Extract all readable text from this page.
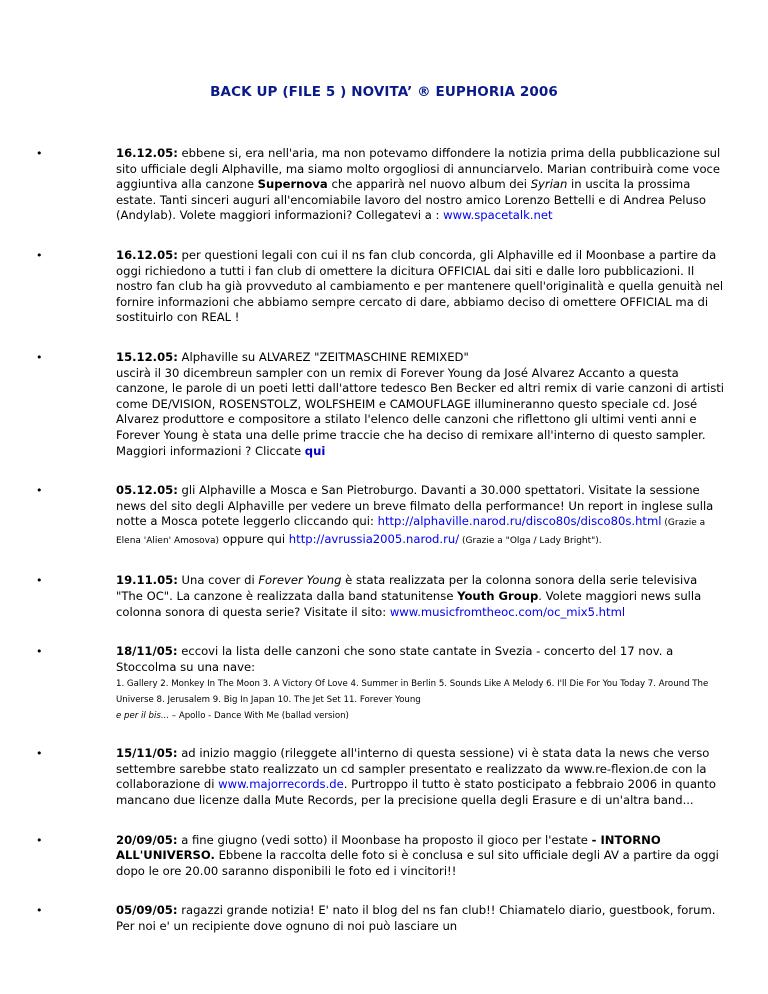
BACK UP (FILE 5 ) NOVITA’ ® EUPHORIA 2006
•	16.12.05: ebbene si, era nell'aria, ma non potevamo diffondere la notizia prima della pubblicazione sul sito ufficiale degli Alphaville, ma siamo molto orgogliosi di annunciarvelo. Marian contribuirà come voce aggiuntiva alla canzone Supernova che apparirà nel nuovo album dei Syrian in uscita la prossima estate. Tanti sinceri auguri all'encomiabile lavoro del nostro amico Lorenzo Bettelli e di Andrea Peluso (Andylab). Volete maggiori informazioni? Collegatevi a : www.spacetalk.net
•	16.12.05: per questioni legali con cui il ns fan club concorda, gli Alphaville ed il Moonbase a partire da oggi richiedono a tutti i fan club di omettere la dicitura OFFICIAL dai siti e dalle loro pubblicazioni. Il nostro fan club ha già provveduto al cambiamento e per mantenere quell'originalità e quella genuità nel fornire informazioni che abbiamo sempre cercato di dare, abbiamo deciso di omettere OFFICIAL ma di sostituirlo con REAL !
•	15.12.05: Alphaville su ALVAREZ "ZEITMASCHINE REMIXED"
uscirà il 30 dicembreun sampler con un remix di Forever Young da José Alvarez Accanto a questa canzone, le parole di un poeti letti dall'attore tedesco Ben Becker ed altri remix di varie canzoni di artisti come DE/VISION, ROSENSTOLZ, WOLFSHEIM e CAMOUFLAGE illumineranno questo speciale cd. José Alvarez produttore e compositore a stilato l'elenco delle canzoni che riflettono gli ultimi venti anni e Forever Young è stata una delle prime traccie che ha deciso di remixare all'interno di questo sampler. Maggiori informazioni ? Cliccate qui
•	05.12.05: gli Alphaville a Mosca e San Pietroburgo. Davanti a 30.000 spettatori. Visitate la sessione news del sito degli Alphaville per vedere un breve filmato della performance! Un report in inglese sulla notte a Mosca potete leggerlo cliccando qui: http://alphaville.narod.ru/disco80s/disco80s.html (Grazie a Elena 'Alien' Amosova) oppure qui http://avrussia2005.narod.ru/ (Grazie a "Olga / Lady Bright").
•	19.11.05: Una cover di Forever Young è stata realizzata per la colonna sonora della serie televisiva "The OC". La canzone è realizzata dalla band statunitense Youth Group. Volete maggiori news sulla colonna sonora di questa serie? Visitate il sito: www.musicfromtheoc.com/oc_mix5.html
•	18/11/05: eccovi la lista delle canzoni che sono state cantate in Svezia - concerto del 17 nov. a Stoccolma su una nave:
1. Gallery 2. Monkey In The Moon 3. A Victory Of Love 4. Summer in Berlin 5. Sounds Like A Melody 6. I'll Die For You Today 7. Around The Universe 8. Jerusalem 9. Big In Japan 10. The Jet Set 11. Forever Young
e per il bis... – Apollo - Dance With Me (ballad version)
•	15/11/05: ad inizio maggio (rileggete all'interno di questa sessione) vi è stata data la news che verso settembre sarebbe stato realizzato un cd sampler presentato e realizzato da www.re-flexion.de con la collaborazione di www.majorrecords.de. Purtroppo il tutto è stato posticipato a febbraio 2006 in quanto mancano due licenze dalla Mute Records, per la precisione quella degli Erasure e di un'altra band...
•	20/09/05: a fine giugno (vedi sotto) il Moonbase ha proposto il gioco per l'estate - INTORNO ALL'UNIVERSO. Ebbene la raccolta delle foto si è conclusa e sul sito ufficiale degli AV a partire da oggi dopo le ore 20.00 saranno disponibili le foto ed i vincitori!!
•	05/09/05: ragazzi grande notizia! E' nato il blog del ns fan club!! Chiamatelo diario, guestbook, forum. Per noi e' un recipiente dove ognuno di noi può lasciare un
